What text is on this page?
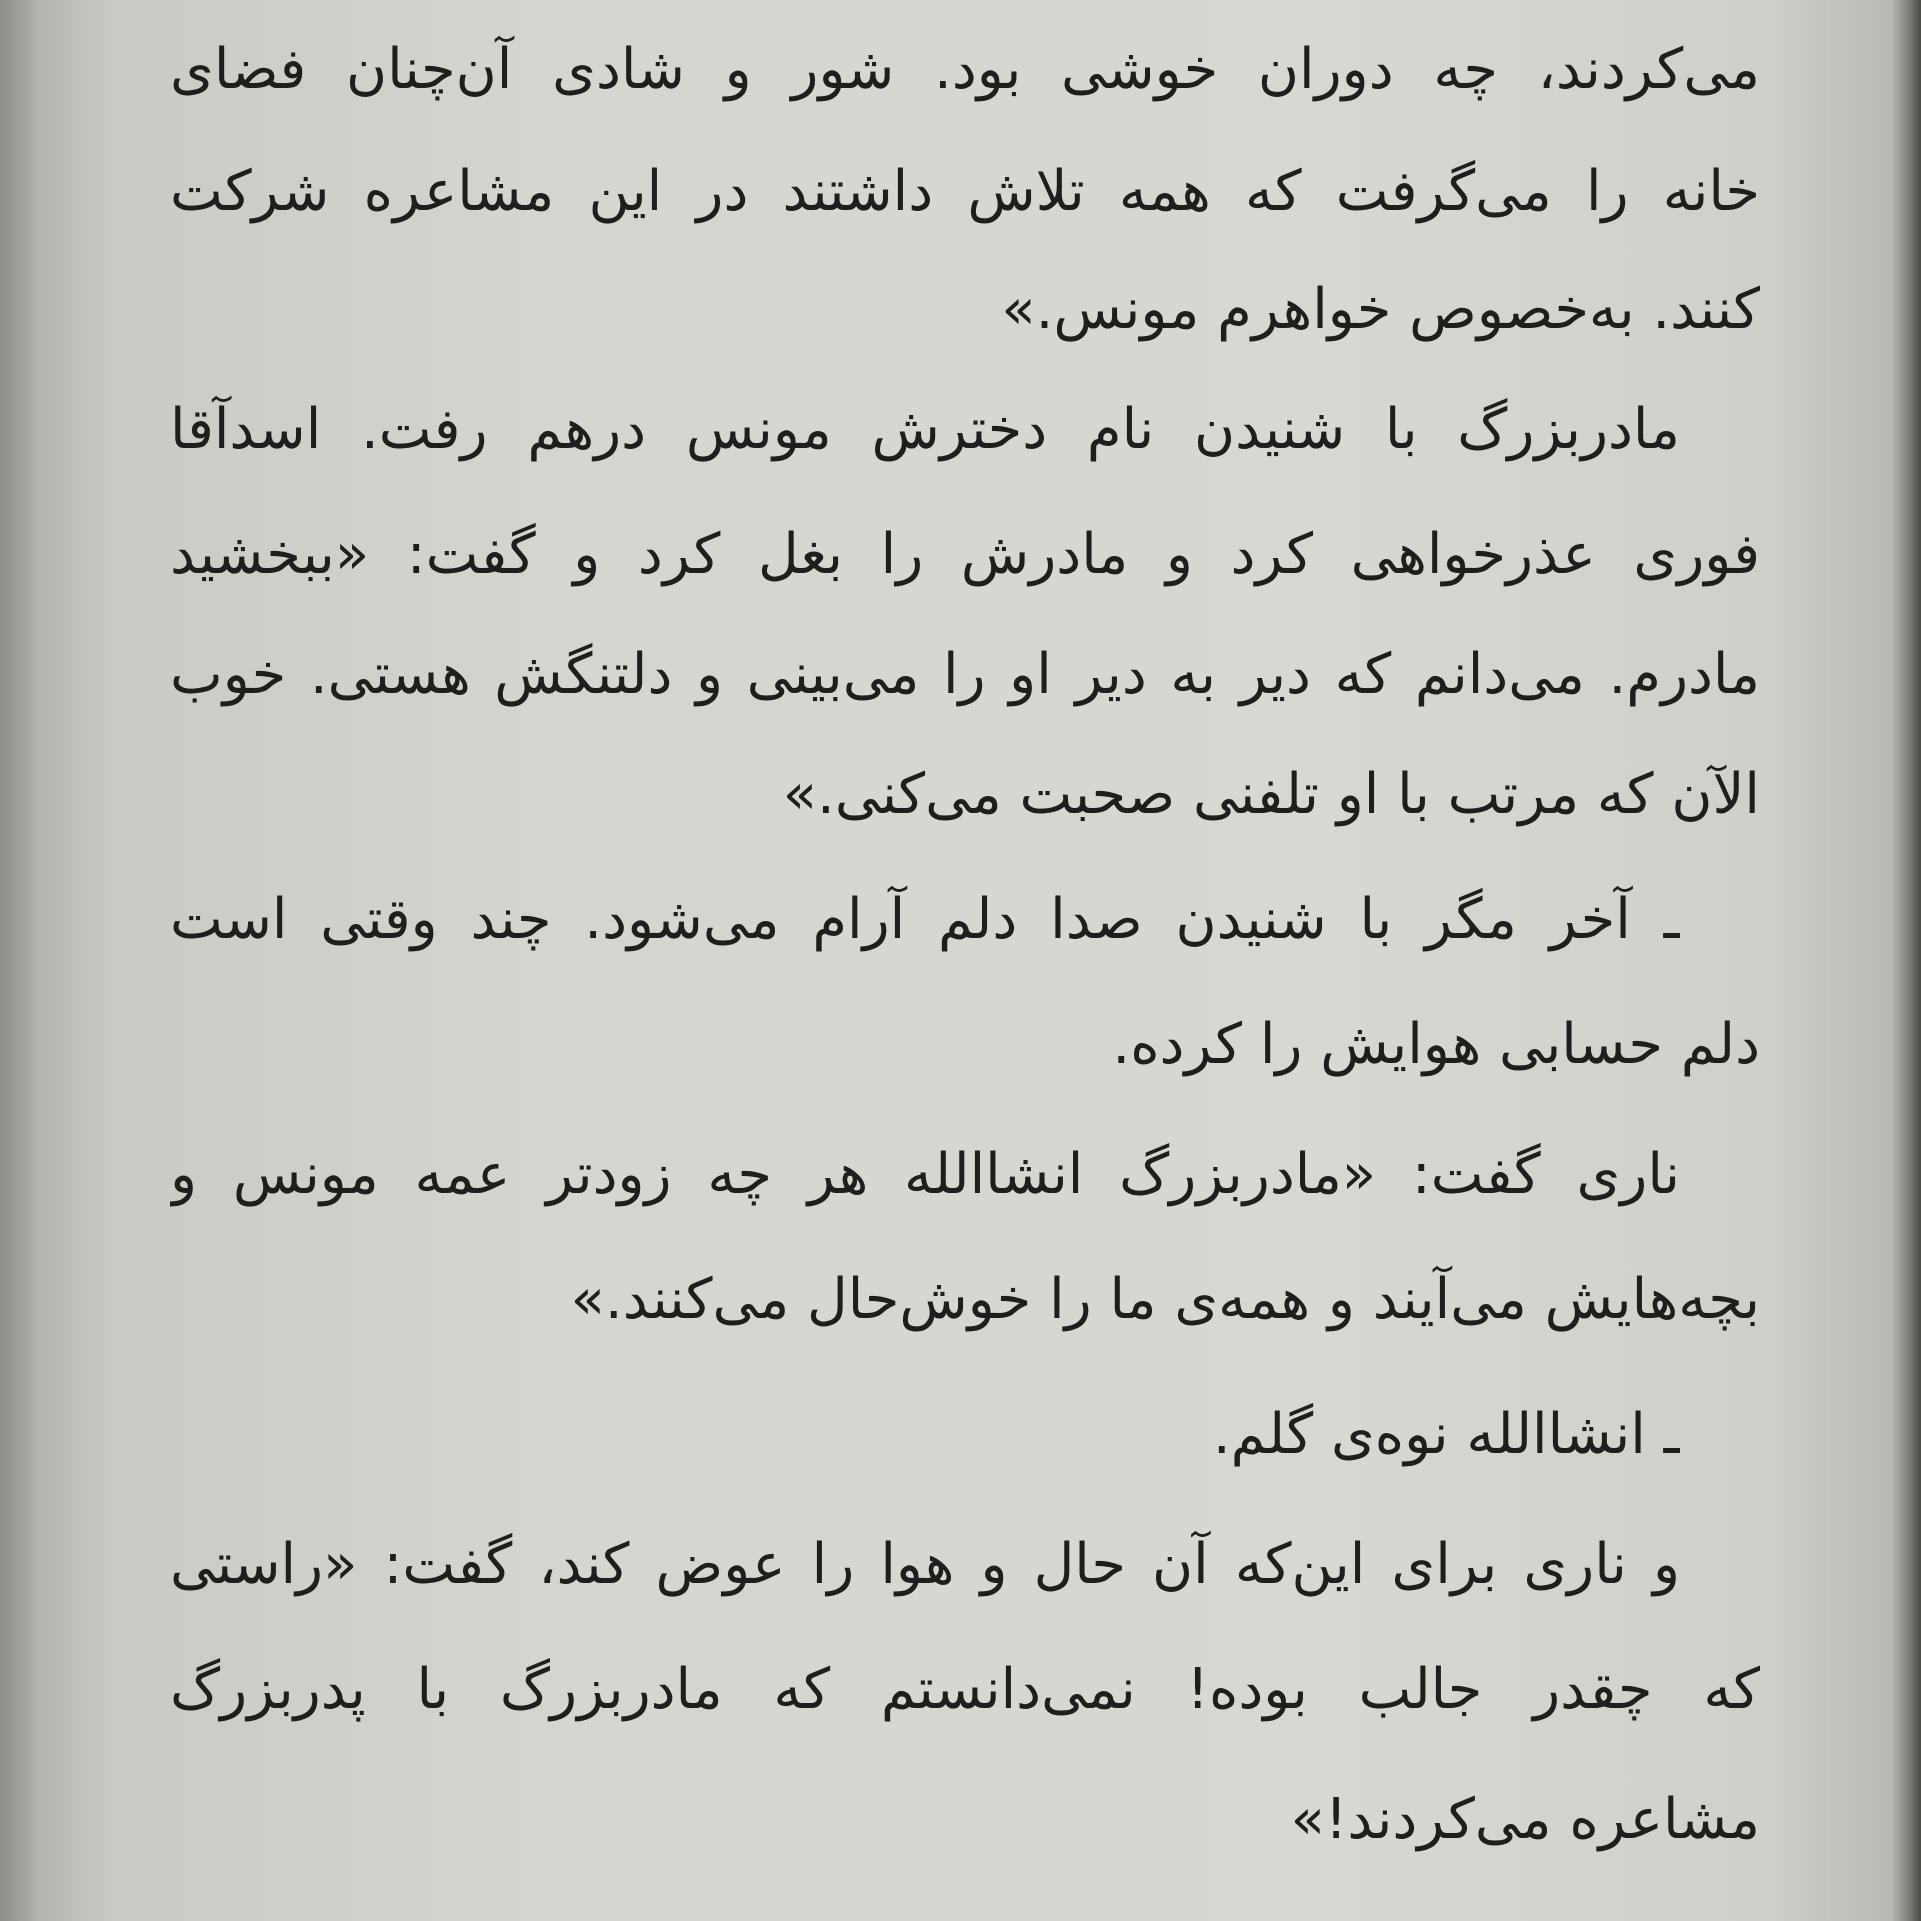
می‌کردند، چه دوران خوشی بود. شور و شادی آن‌چنان فضای
خانه را می‌گرفت که همه تلاش داشتند در این مشاعره شرکت
کنند. به‌خصوص خواهرم مونس.»
مادربزرگ با شنیدن نام دخترش مونس درهم رفت. اسدآقا
فوری عذرخواهی کرد و مادرش را بغل کرد و گفت: «ببخشید
مادرم. می‌دانم که دیر به دیر او را می‌بینی و دلتنگش هستی. خوب
الآن که مرتب با او تلفنی صحبت می‌کنی.»
ـ آخر مگر با شنیدن صدا دلم آرام می‌شود. چند وقتی است
دلم حسابی هوایش را کرده.
ناری گفت: «مادربزرگ انشاالله هر چه زودتر عمه مونس و
بچه‌هایش می‌آیند و همه‌ی ما را خوش‌حال می‌کنند.»
ـ انشاالله نوه‌ی گلم.
و ناری برای این‌که آن حال و هوا را عوض کند، گفت: «راستی
که چقدر جالب بوده! نمی‌دانستم که مادربزرگ با پدربزرگ
مشاعره می‌کردند!»
